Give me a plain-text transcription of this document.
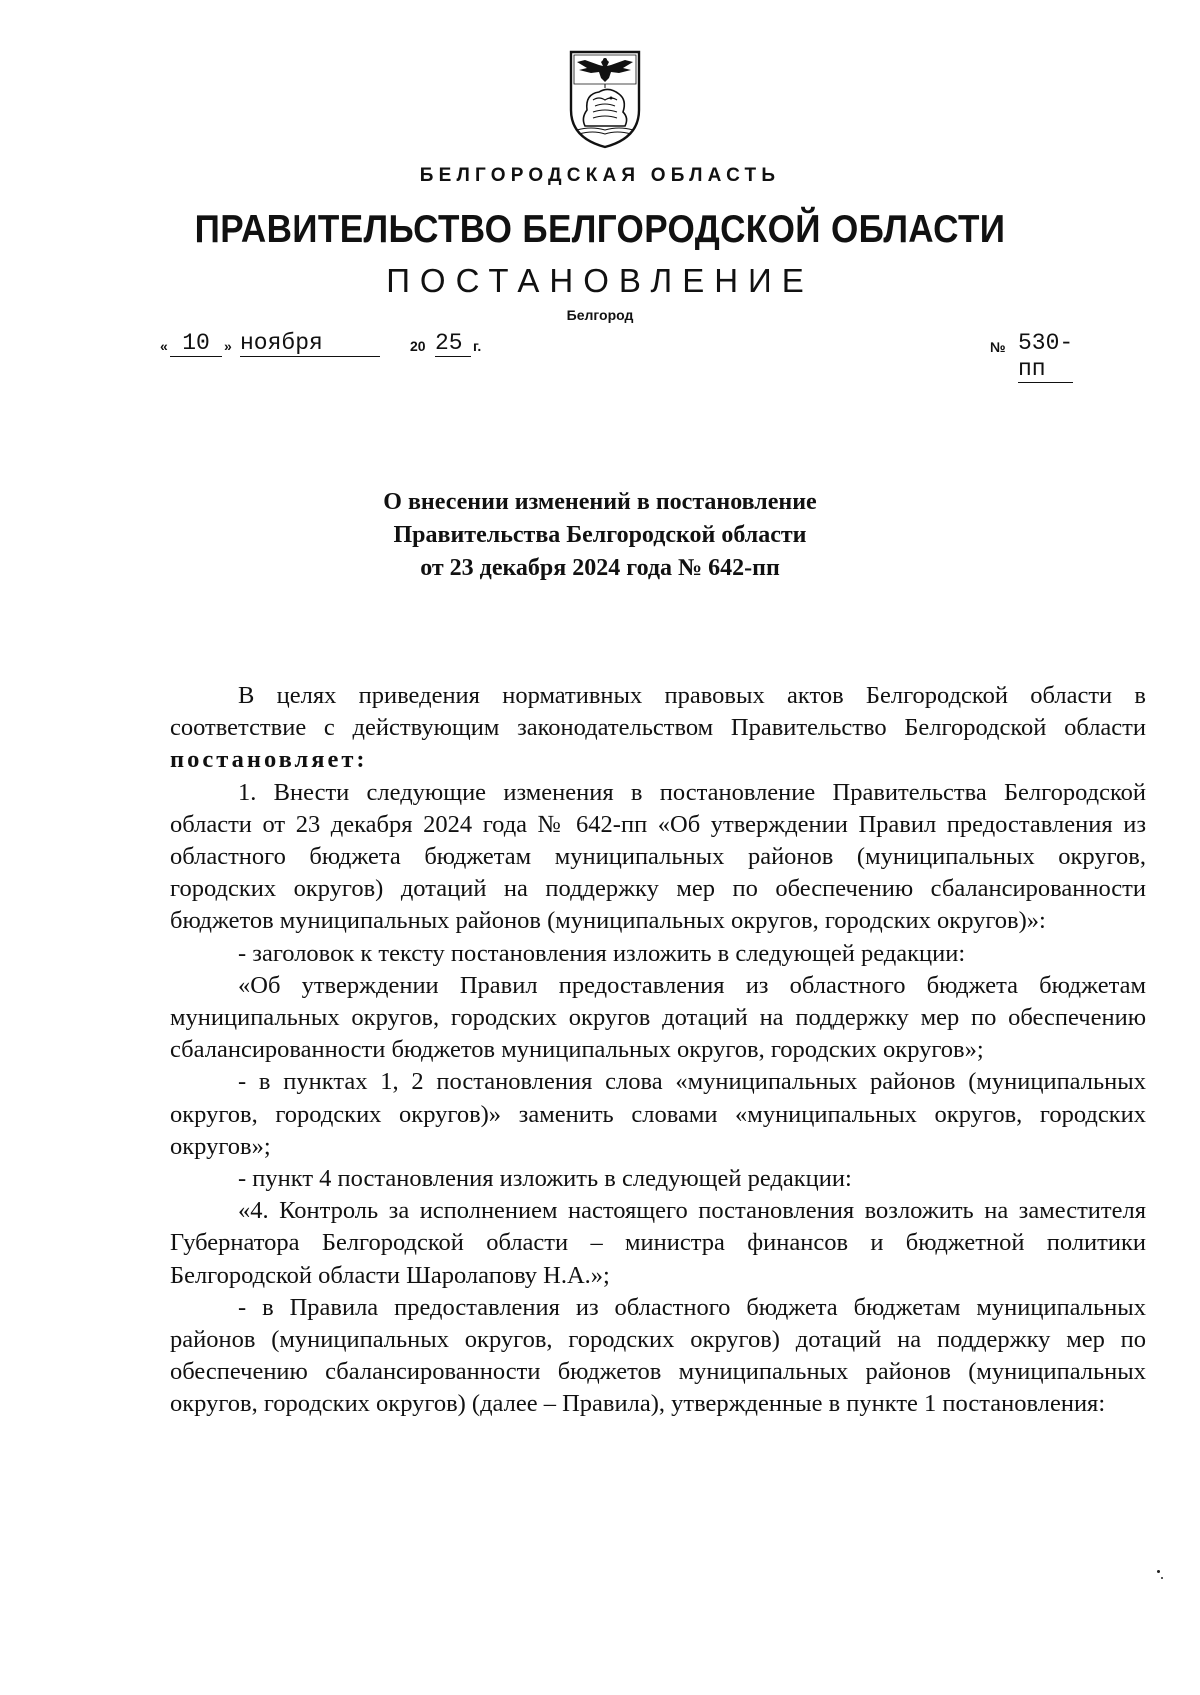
БЕЛГОРОДСКАЯ ОБЛАСТЬ
ПРАВИТЕЛЬСТВО БЕЛГОРОДСКОЙ ОБЛАСТИ
ПОСТАНОВЛЕНИЕ
Белгород
« 10	» ноября	20 25 г.	№ 530-пп
О внесении изменений в постановление
Правительства Белгородской области
от 23 декабря 2024 года № 642-пп

В целях приведения нормативных правовых актов Белгородской области в соответствие с действующим законодательством Правительство Белгородской области постановляет:

1. Внести следующие изменения в постановление Правительства Белгородской области от 23 декабря 2024 года № 642-пп «Об утверждении Правил предоставления из областного бюджета бюджетам муниципальных районов (муниципальных округов, городских округов) дотаций на поддержку мер по обеспечению сбалансированности бюджетов муниципальных районов (муниципальных округов, городских округов)»:

- заголовок к тексту постановления изложить в следующей редакции:

«Об утверждении Правил предоставления из областного бюджета бюджетам муниципальных округов, городских округов дотаций на поддержку мер по обеспечению сбалансированности бюджетов муниципальных округов, городских округов»;

- в пунктах 1, 2 постановления слова «муниципальных районов (муниципальных округов, городских округов)» заменить словами «муниципальных округов, городских округов»;

- пункт 4 постановления изложить в следующей редакции:

«4. Контроль за исполнением настоящего постановления возложить на заместителя Губернатора Белгородской области – министра финансов и бюджетной политики Белгородской области Шаролапову Н.А.»;

- в Правила предоставления из областного бюджета бюджетам муниципальных районов (муниципальных округов, городских округов) дотаций на поддержку мер по обеспечению сбалансированности бюджетов муниципальных районов (муниципальных округов, городских округов) (далее – Правила), утвержденные в пункте 1 постановления:
